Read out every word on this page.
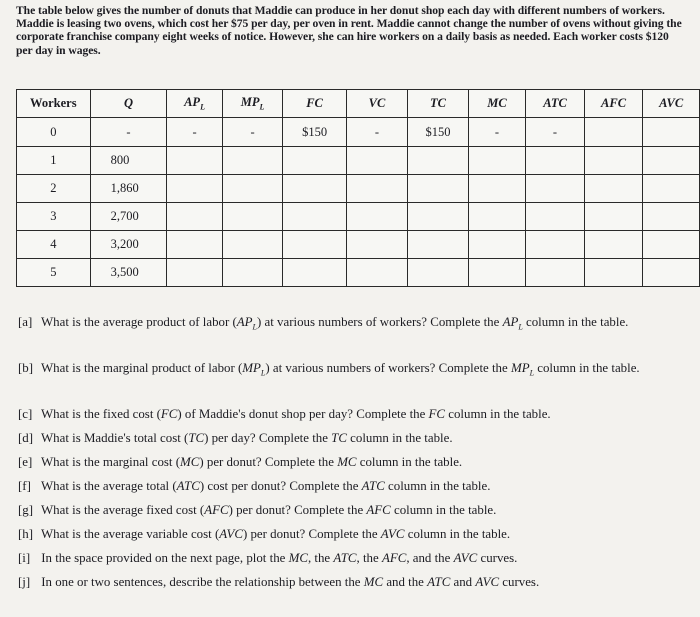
The table below gives the number of donuts that Maddie can produce in her donut shop each day with different numbers of workers. Maddie is leasing two ovens, which cost her $75 per day, per oven in rent. Maddie cannot change the number of ovens without giving the corporate franchise company eight weeks of notice. However, she can hire workers on a daily basis as needed. Each worker costs $120 per day in wages.

Workers	Q	$AP_L$	$MP_L$	FC	VC	TC	MC	ATC	AFC	AVC
0	-	-	-	$150	-	$150	-	-		
1	800									
2	1,860									
3	2,700									
4	3,200									
5	3,500									
[a] What is the average product of labor $(AP_L)$ at various numbers of workers? Complete the $AP_L$ column in the table.
[b] What is the marginal product of labor $(MP_L)$ at various numbers of workers? Complete the $MP_L$ column in the table.
[c] What is the fixed cost (FC) of Maddie's donut shop per day? Complete the FC column in the table.
[d] What is Maddie's total cost (TC) per day? Complete the TC column in the table.
[e] What is the marginal cost (MC) per donut? Complete the MC column in the table.
[f] What is the average total (ATC) cost per donut? Complete the ATC column in the table.
[g] What is the average fixed cost (AFC) per donut? Complete the AFC column in the table.
[h] What is the average variable cost (AVC) per donut? Complete the AVC column in the table.
[i] In the space provided on the next page, plot the MC, the ATC, the AFC, and the AVC curves.
[j] In one or two sentences, describe the relationship between the MC and the ATC and AVC curves.
